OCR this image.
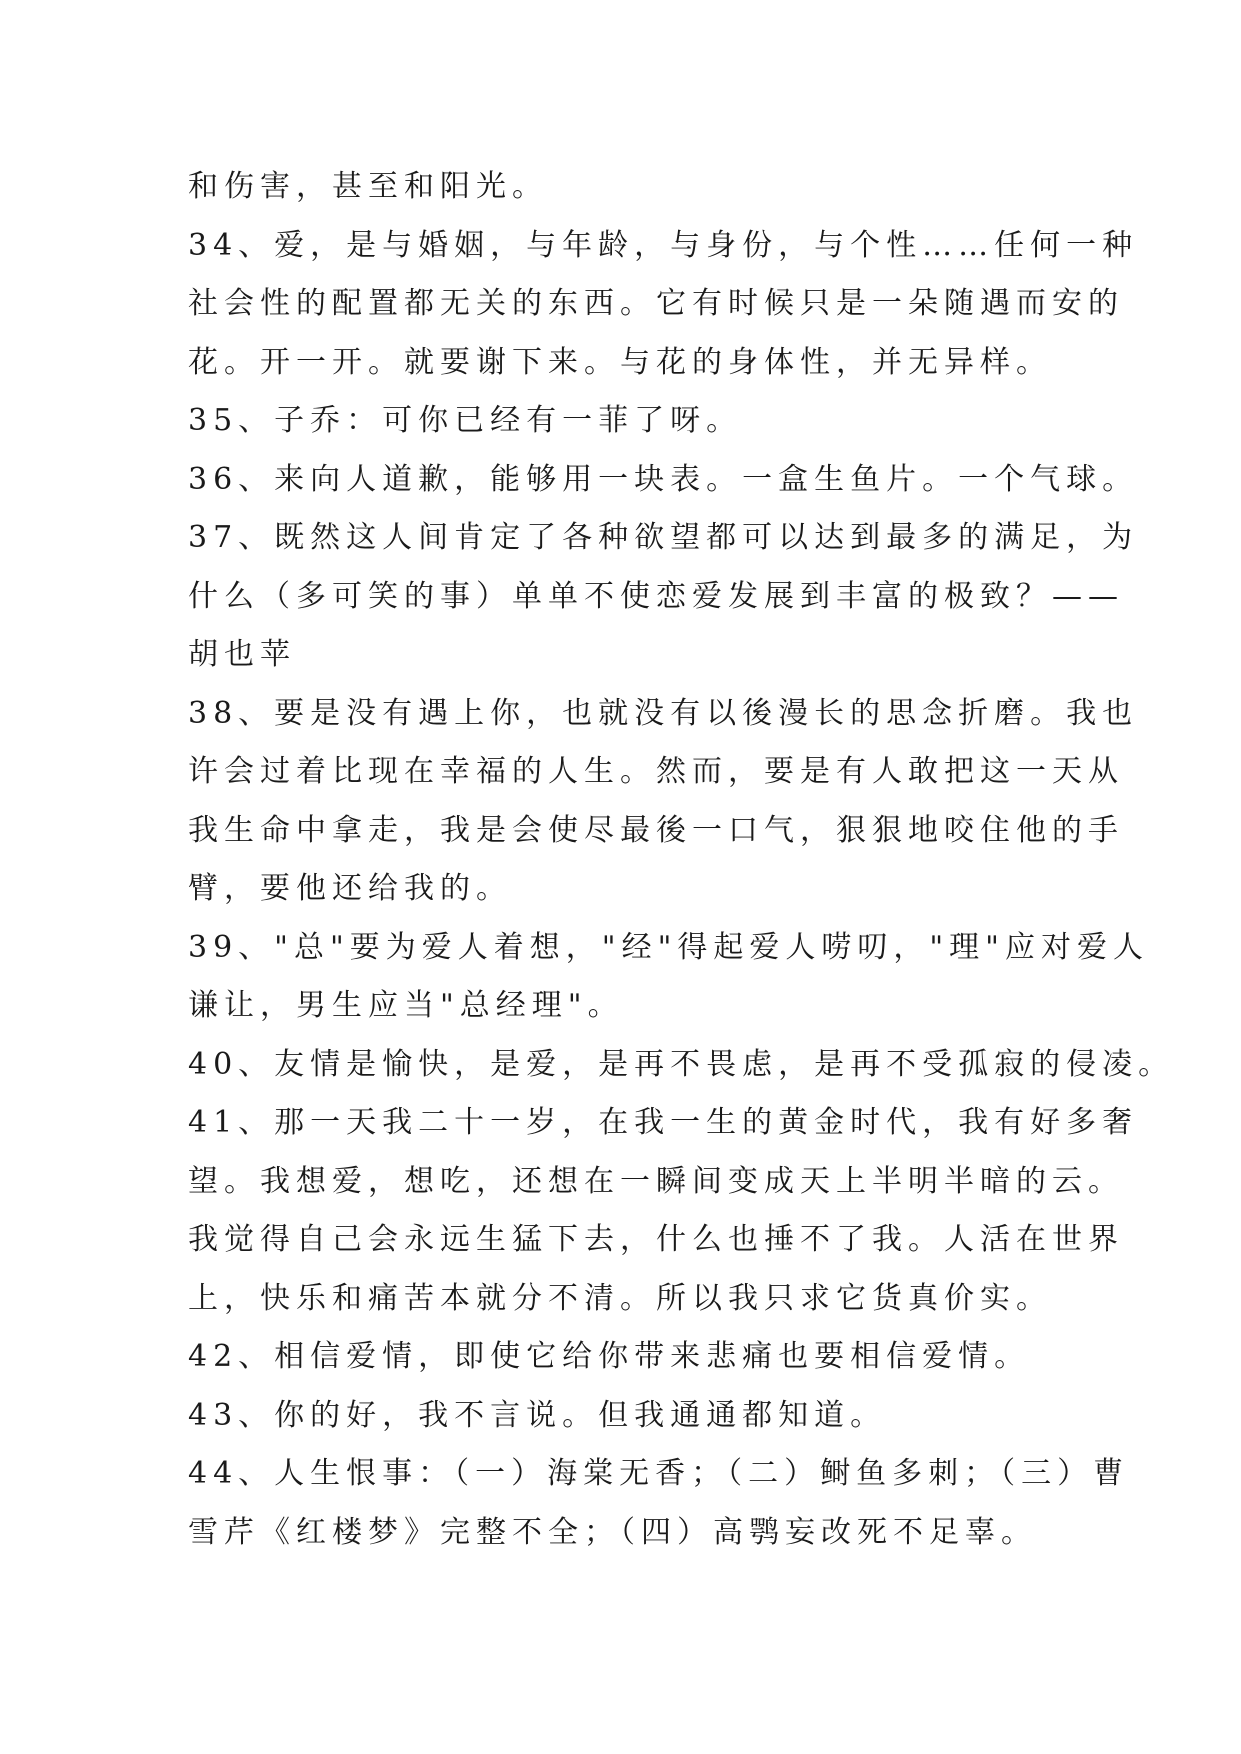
和伤害，甚至和阳光。
34、爱，是与婚姻，与年龄，与身份，与个性……任何一种
社会性的配置都无关的东西。它有时候只是一朵随遇而安的
花。开一开。就要谢下来。与花的身体性，并无异样。
35、子乔：可你已经有一菲了呀。
36、来向人道歉，能够用一块表。一盒生鱼片。一个气球。
37、既然这人间肯定了各种欲望都可以达到最多的满足，为
什么（多可笑的事）单单不使恋爱发展到丰富的极致？——
胡也苹
38、要是没有遇上你，也就没有以後漫长的思念折磨。我也
许会过着比现在幸福的人生。然而，要是有人敢把这一天从
我生命中拿走，我是会使尽最後一口气，狠狠地咬住他的手
臂，要他还给我的。
39、"总"要为爱人着想，"经"得起爱人唠叨，"理"应对爱人
谦让，男生应当"总经理"。
40、友情是愉快，是爱，是再不畏虑，是再不受孤寂的侵凌。
41、那一天我二十一岁，在我一生的黄金时代，我有好多奢
望。我想爱，想吃，还想在一瞬间变成天上半明半暗的云。
我觉得自己会永远生猛下去，什么也捶不了我。人活在世界
上，快乐和痛苦本就分不清。所以我只求它货真价实。
42、相信爱情，即使它给你带来悲痛也要相信爱情。
43、你的好，我不言说。但我通通都知道。
44、人生恨事：（一）海棠无香；（二）鲥鱼多刺；（三）曹
雪芹《红楼梦》完整不全；（四）高鹗妄改死不足辜。
